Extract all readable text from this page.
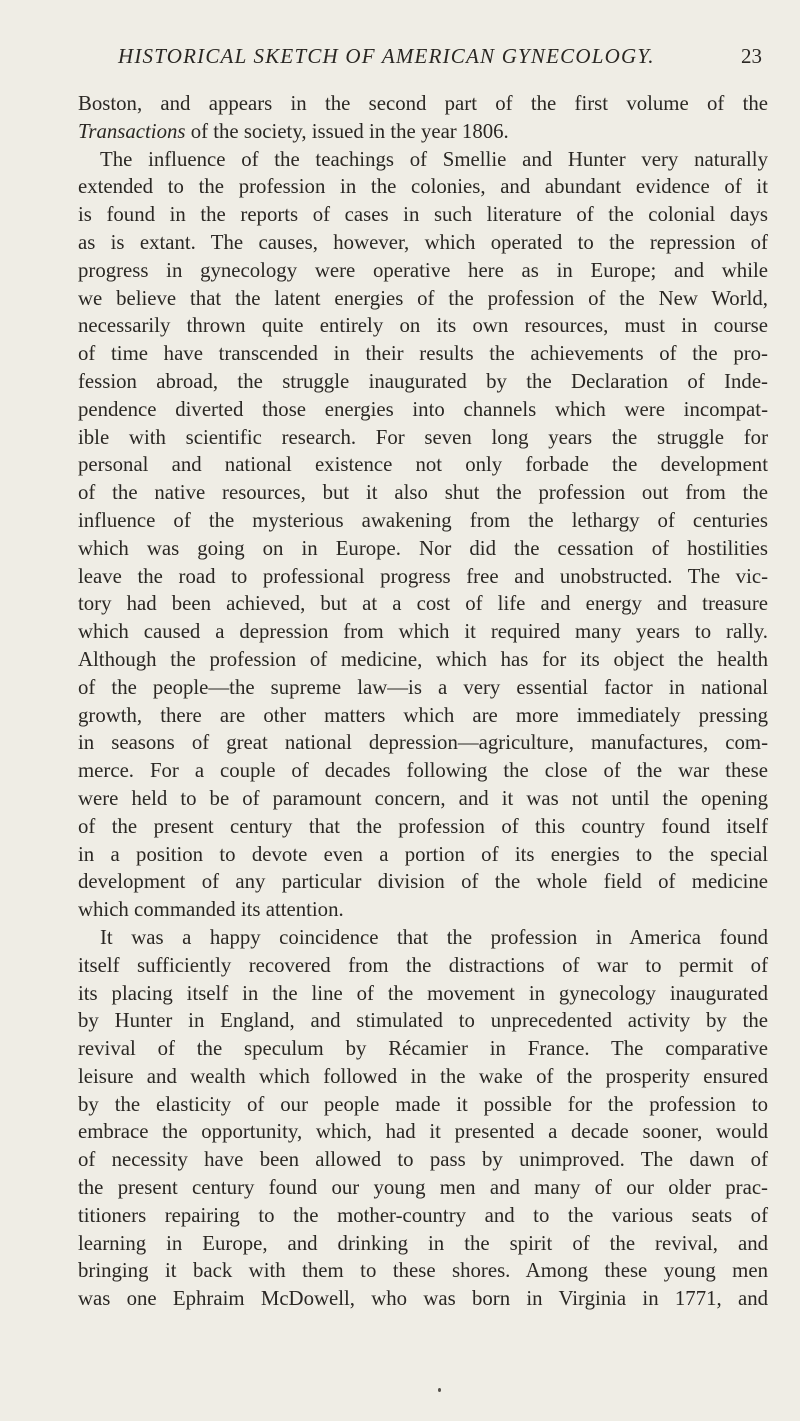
HISTORICAL SKETCH OF AMERICAN GYNECOLOGY.	23
Boston, and appears in the second part of the first volume of the
Transactions of the society, issued in the year 1806.
The influence of the teachings of Smellie and Hunter very naturally
extended to the profession in the colonies, and abundant evidence of it
is found in the reports of cases in such literature of the colonial days
as is extant. The causes, however, which operated to the repression of
progress in gynecology were operative here as in Europe; and while
we believe that the latent energies of the profession of the New World,
necessarily thrown quite entirely on its own resources, must in course
of time have transcended in their results the achievements of the pro-
fession abroad, the struggle inaugurated by the Declaration of Inde-
pendence diverted those energies into channels which were incompat-
ible with scientific research. For seven long years the struggle for
personal and national existence not only forbade the development
of the native resources, but it also shut the profession out from the
influence of the mysterious awakening from the lethargy of centuries
which was going on in Europe. Nor did the cessation of hostilities
leave the road to professional progress free and unobstructed. The vic-
tory had been achieved, but at a cost of life and energy and treasure
which caused a depression from which it required many years to rally.
Although the profession of medicine, which has for its object the health
of the people—the supreme law—is a very essential factor in national
growth, there are other matters which are more immediately pressing
in seasons of great national depression—agriculture, manufactures, com-
merce. For a couple of decades following the close of the war these
were held to be of paramount concern, and it was not until the opening
of the present century that the profession of this country found itself
in a position to devote even a portion of its energies to the special
development of any particular division of the whole field of medicine
which commanded its attention.
It was a happy coincidence that the profession in America found
itself sufficiently recovered from the distractions of war to permit of
its placing itself in the line of the movement in gynecology inaugurated
by Hunter in England, and stimulated to unprecedented activity by the
revival of the speculum by Récamier in France. The comparative
leisure and wealth which followed in the wake of the prosperity ensured
by the elasticity of our people made it possible for the profession to
embrace the opportunity, which, had it presented a decade sooner, would
of necessity have been allowed to pass by unimproved. The dawn of
the present century found our young men and many of our older prac-
titioners repairing to the mother-country and to the various seats of
learning in Europe, and drinking in the spirit of the revival, and
bringing it back with them to these shores. Among these young men
was one Ephraim McDowell, who was born in Virginia in 1771, and
